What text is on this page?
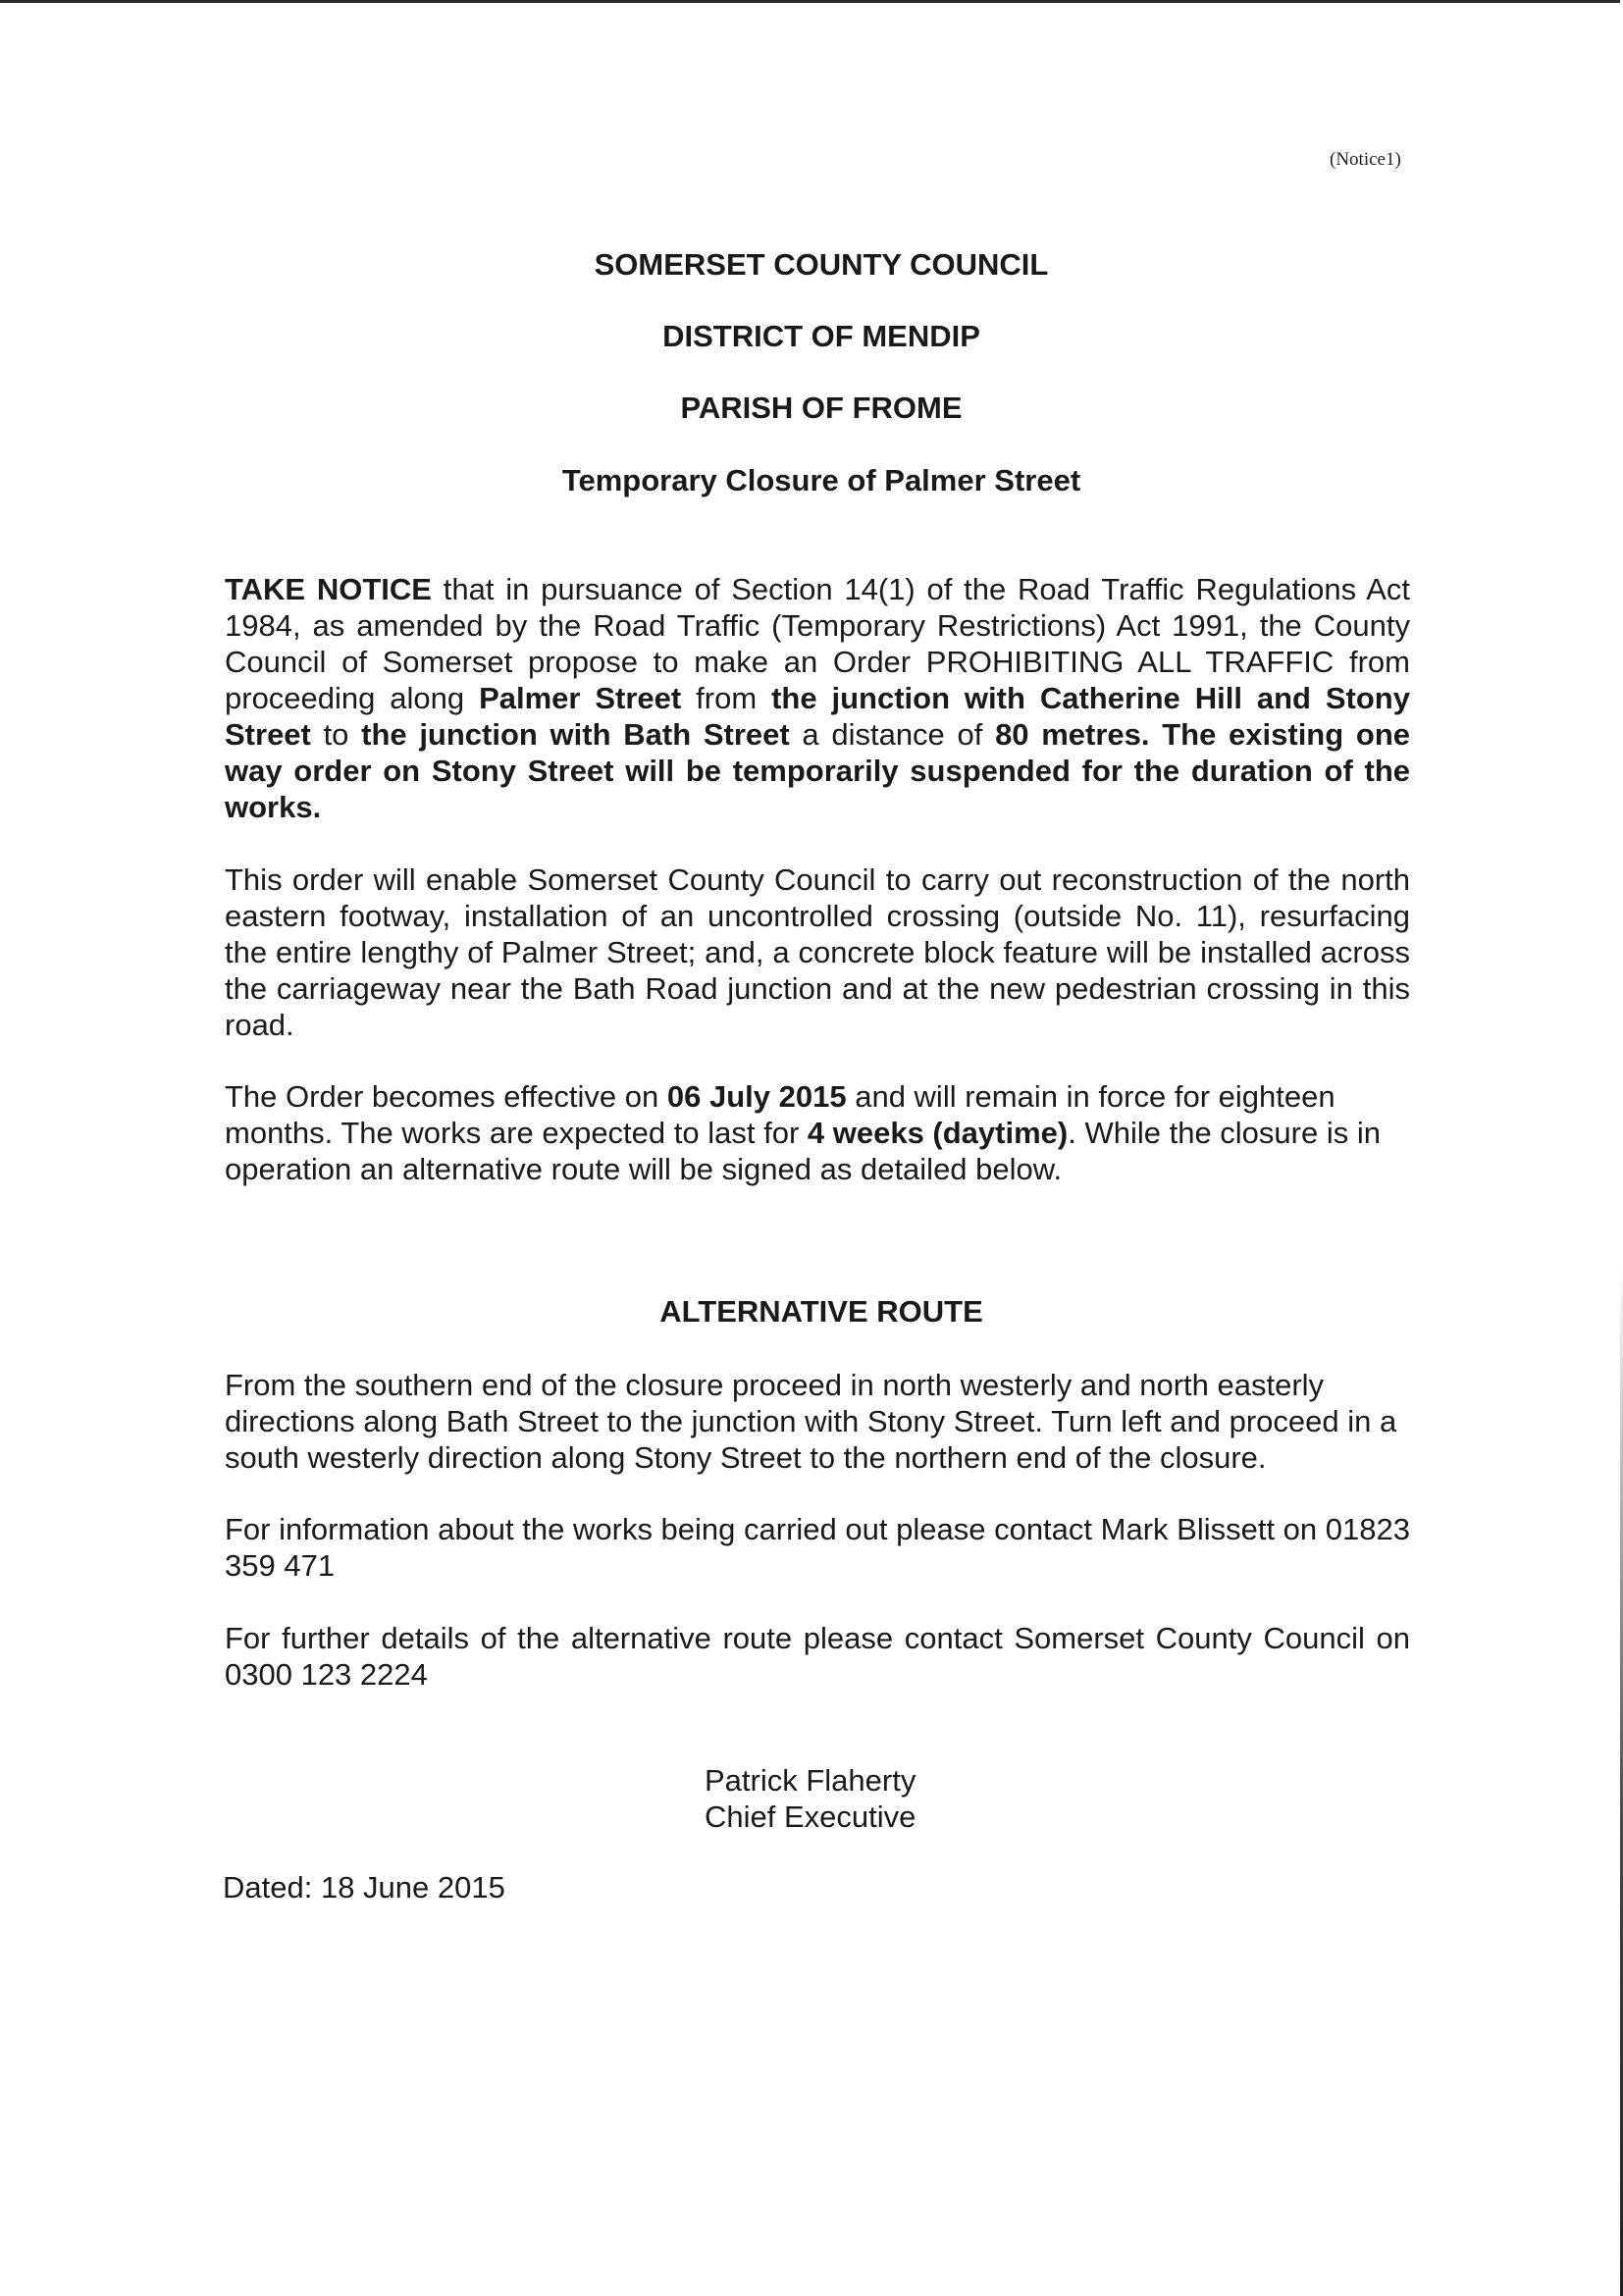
(Notice1)
SOMERSET COUNTY COUNCIL
DISTRICT OF MENDIP
PARISH OF FROME
Temporary Closure of Palmer Street

TAKE NOTICE that in pursuance of Section 14(1) of the Road Traffic Regulations Act 1984, as amended by the Road Traffic (Temporary Restrictions) Act 1991, the County Council of Somerset propose to make an Order PROHIBITING ALL TRAFFIC from proceeding along Palmer Street from the junction with Catherine Hill and Stony Street to the junction with Bath Street a distance of 80 metres. The existing one way order on Stony Street will be temporarily suspended for the duration of the works.

This order will enable Somerset County Council to carry out reconstruction of the north eastern footway, installation of an uncontrolled crossing (outside No. 11), resurfacing the entire lengthy of Palmer Street; and, a concrete block feature will be installed across the carriageway near the Bath Road junction and at the new pedestrian crossing in this road.

The Order becomes effective on 06 July 2015 and will remain in force for eighteen months. The works are expected to last for 4 weeks (daytime). While the closure is in operation an alternative route will be signed as detailed below.

ALTERNATIVE ROUTE

From the southern end of the closure proceed in north westerly and north easterly directions along Bath Street to the junction with Stony Street. Turn left and proceed in a south westerly direction along Stony Street to the northern end of the closure.

For information about the works being carried out please contact Mark Blissett on 01823 359 471

For further details of the alternative route please contact Somerset County Council on 0300 123 2224

Patrick Flaherty
Chief Executive
Dated: 18 June 2015
